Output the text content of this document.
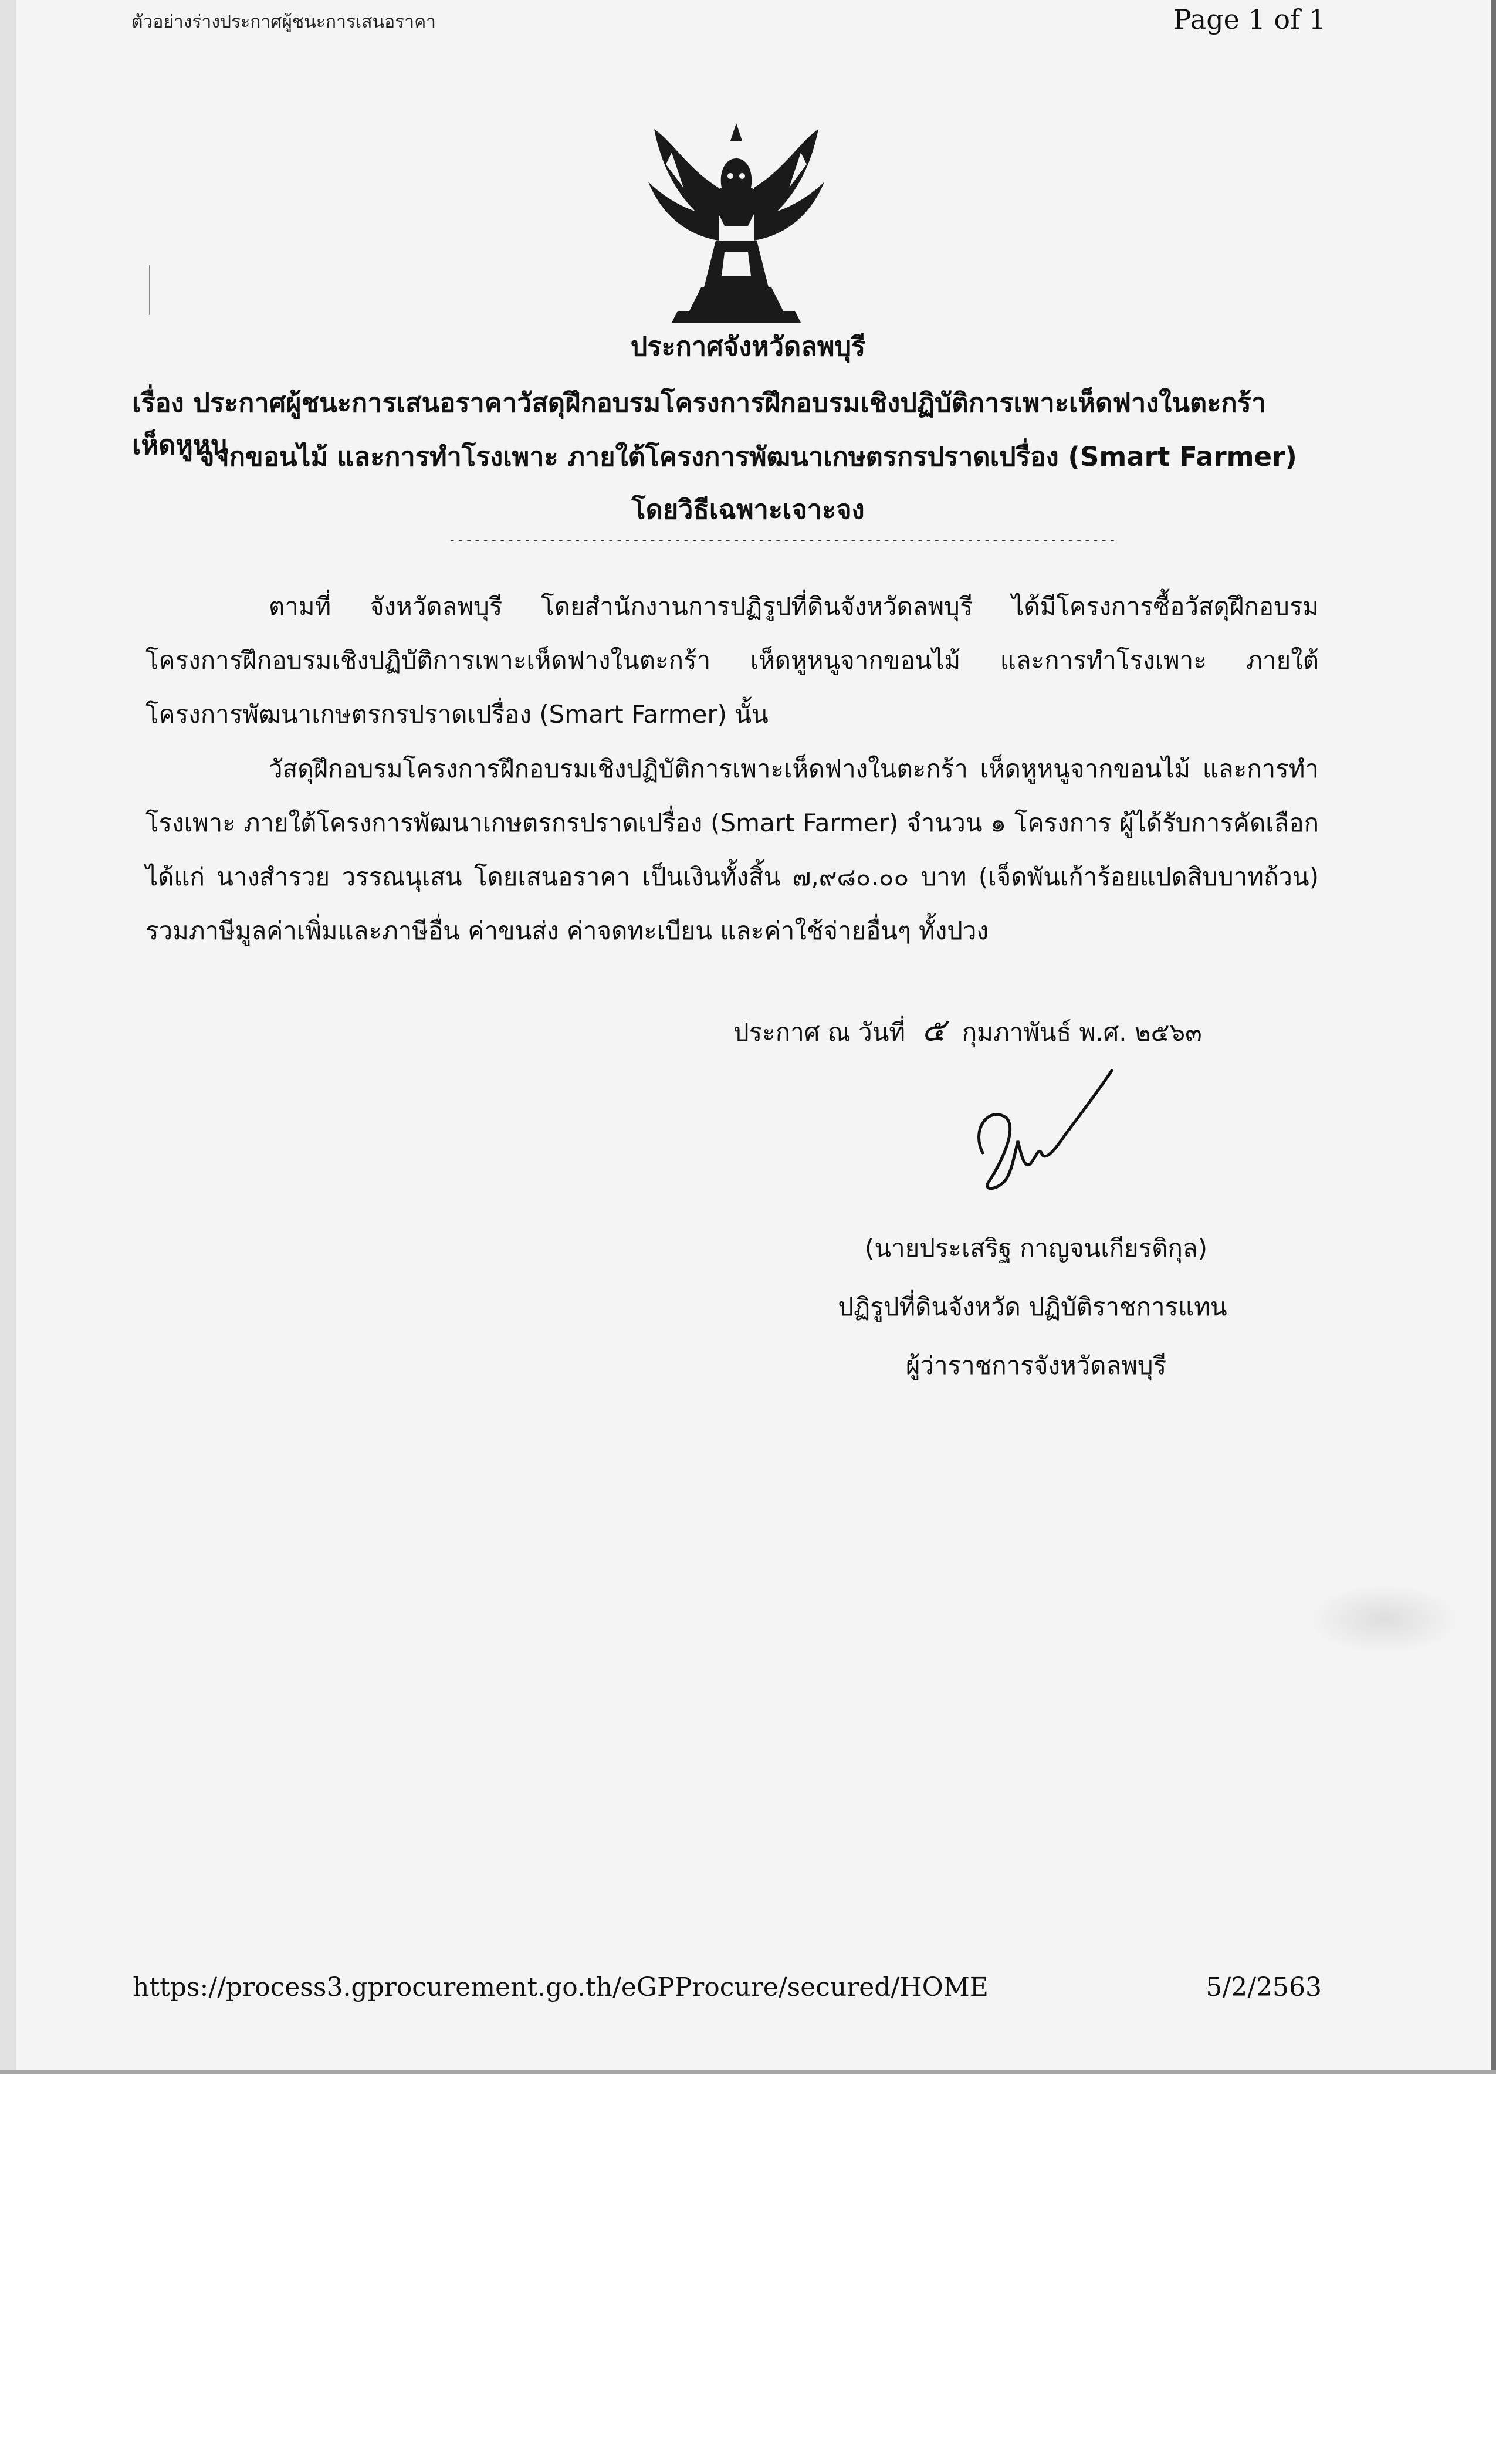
ตัวอย่างร่างประกาศผู้ชนะการเสนอราคา	Page 1 of 1
ประกาศจังหวัดลพบุรี
เรื่อง ประกาศผู้ชนะการเสนอราคาวัสดุฝึกอบรมโครงการฝึกอบรมเชิงปฏิบัติการเพาะเห็ดฟางในตะกร้า เห็ดหูหนู
จากขอนไม้ และการทำโรงเพาะ ภายใต้โครงการพัฒนาเกษตรกรปราดเปรื่อง (Smart Farmer)
โดยวิธีเฉพาะเจาะจง
--------------------------------------------------------------------------------
ตามที่ จังหวัดลพบุรี โดยสำนักงานการปฏิรูปที่ดินจังหวัดลพบุรี ได้มีโครงการซื้อวัสดุฝึกอบรมโครงการฝึกอบรมเชิงปฏิบัติการเพาะเห็ดฟางในตะกร้า เห็ดหูหนูจากขอนไม้ และการทำโรงเพาะ ภายใต้โครงการพัฒนาเกษตรกรปราดเปรื่อง (Smart Farmer) นั้น
วัสดุฝึกอบรมโครงการฝึกอบรมเชิงปฏิบัติการเพาะเห็ดฟางในตะกร้า เห็ดหูหนูจากขอนไม้ และการทำโรงเพาะ ภายใต้โครงการพัฒนาเกษตรกรปราดเปรื่อง (Smart Farmer) จำนวน ๑ โครงการ ผู้ได้รับการคัดเลือกได้แก่ นางสำรวย วรรณนุเสน โดยเสนอราคา เป็นเงินทั้งสิ้น ๗,๙๘๐.๐๐ บาท (เจ็ดพันเก้าร้อยแปดสิบบาทถ้วน) รวมภาษีมูลค่าเพิ่มและภาษีอื่น ค่าขนส่ง ค่าจดทะเบียน และค่าใช้จ่ายอื่นๆ ทั้งปวง
ประกาศ ณ วันที่ ๕ กุมภาพันธ์ พ.ศ. ๒๕๖๓
(นายประเสริฐ กาญจนเกียรติกุล)
ปฏิรูปที่ดินจังหวัด ปฏิบัติราชการแทน
ผู้ว่าราชการจังหวัดลพบุรี
https://process3.gprocurement.go.th/eGPProcure/secured/HOME	5/2/2563
